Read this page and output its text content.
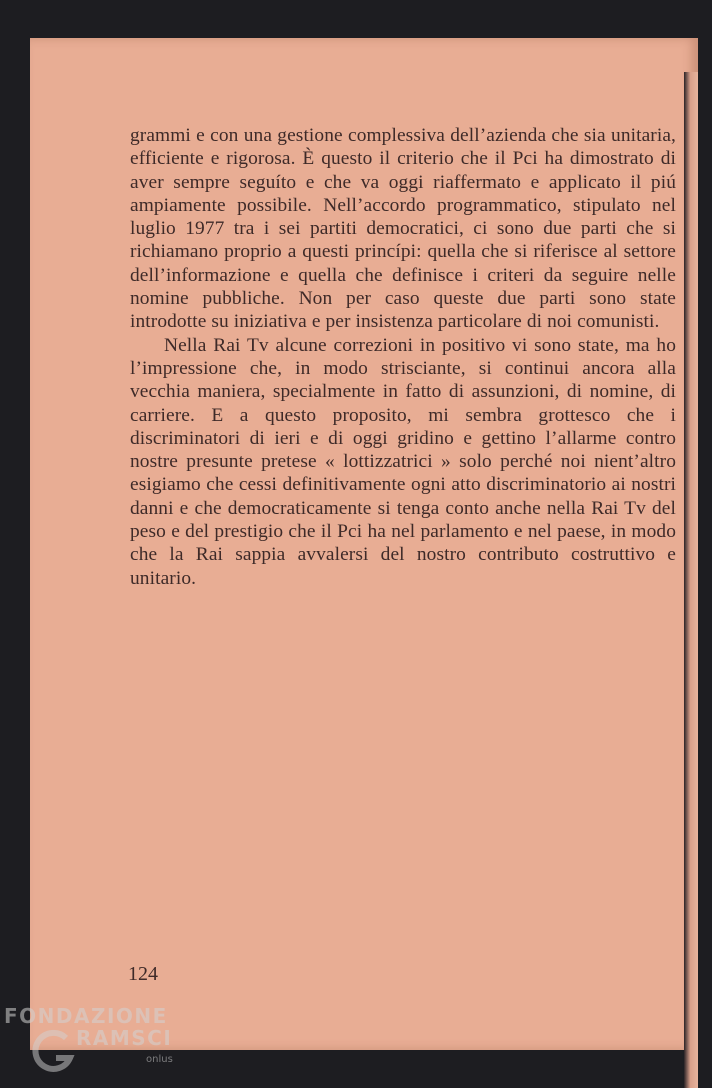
grammi e con una gestione complessiva dell’azienda che sia unitaria, efficiente e rigorosa. È questo il criterio che il Pci ha dimostrato di aver sempre seguíto e che va oggi riaffermato e applicato il piú ampiamente possibile. Nell’accordo programmatico, stipulato nel luglio 1977 tra i sei partiti democratici, ci sono due parti che si richiamano proprio a questi princípi: quella che si riferisce al settore dell’informazione e quella che definisce i criteri da seguire nelle nomine pubbliche. Non per caso queste due parti sono state introdotte su iniziativa e per insistenza particolare di noi comunisti.

Nella Rai Tv alcune correzioni in positivo vi sono state, ma ho l’impressione che, in modo strisciante, si continui ancora alla vecchia maniera, specialmente in fatto di assunzioni, di nomine, di carriere. E a questo proposito, mi sembra grottesco che i discriminatori di ieri e di oggi gridino e gettino l’allarme contro nostre presunte pretese « lottizzatrici » solo perché noi nient’altro esigiamo che cessi definitivamente ogni atto discriminatorio ai nostri danni e che democraticamente si tenga conto anche nella Rai Tv del peso e del prestigio che il Pci ha nel parlamento e nel paese, in modo che la Rai sappia avvalersi del nostro contributo costruttivo e unitario.

124
FONDAZIONE
RAMSCI
onlus
